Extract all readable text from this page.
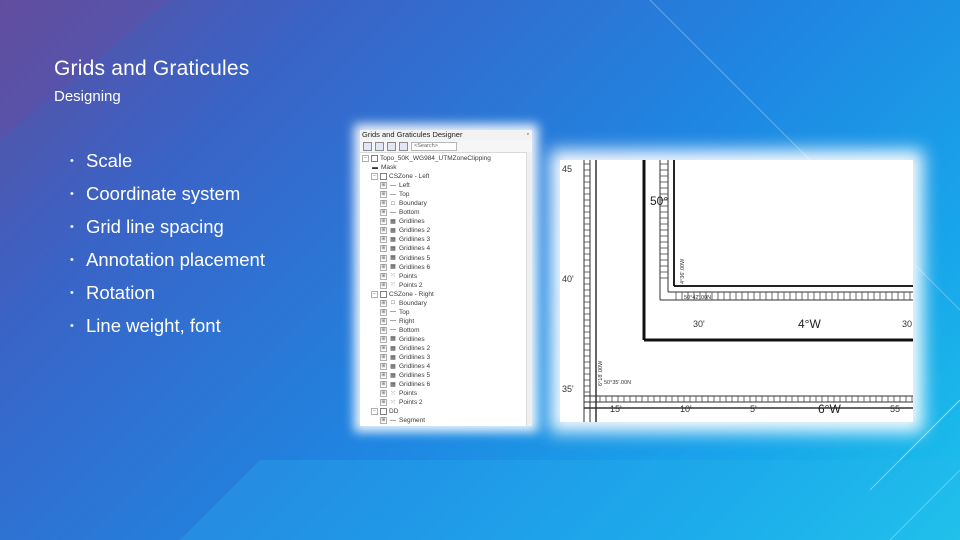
Grids and Graticules
Designing
• Scale
• Coordinate system
• Grid line spacing
• Annotation placement
• Rotation
• Line weight, font
Grids and Graticules Designer	▫
<Search>
−	Topo_50K_WG984_UTMZoneClipping
▬ Mask
−	CSZone - Left
⊞ — Left
⊞ — Top
⊞ □ Boundary
⊞ — Bottom
⊞ ▦ Gridlines
⊞ ▦ Gridlines 2
⊞ ▦ Gridlines 3
⊞ ▦ Gridlines 4
⊞ ▦ Gridlines 5
⊞ ▦ Gridlines 6
⊞ ⁙ Points
⊞ ⁙ Points 2
−	CSZone - Right
⊞ □ Boundary
⊞ — Top
⊞ — Right
⊞ — Bottom
⊞ ▦ Gridlines
⊞ ▦ Gridlines 2
⊞ ▦ Gridlines 3
⊞ ▦ Gridlines 4
⊞ ▦ Gridlines 5
⊞ ▦ Gridlines 6
⊞ ⁙ Points
⊞ ⁙ Points 2
−	DD
⊞ — Segment
45
40'
35'
50°
30'	4°W	30
15'	10'	5'	6°W	55
50°42'.00N
50°35'.00N
4°36'.00W
6°18'.00W
